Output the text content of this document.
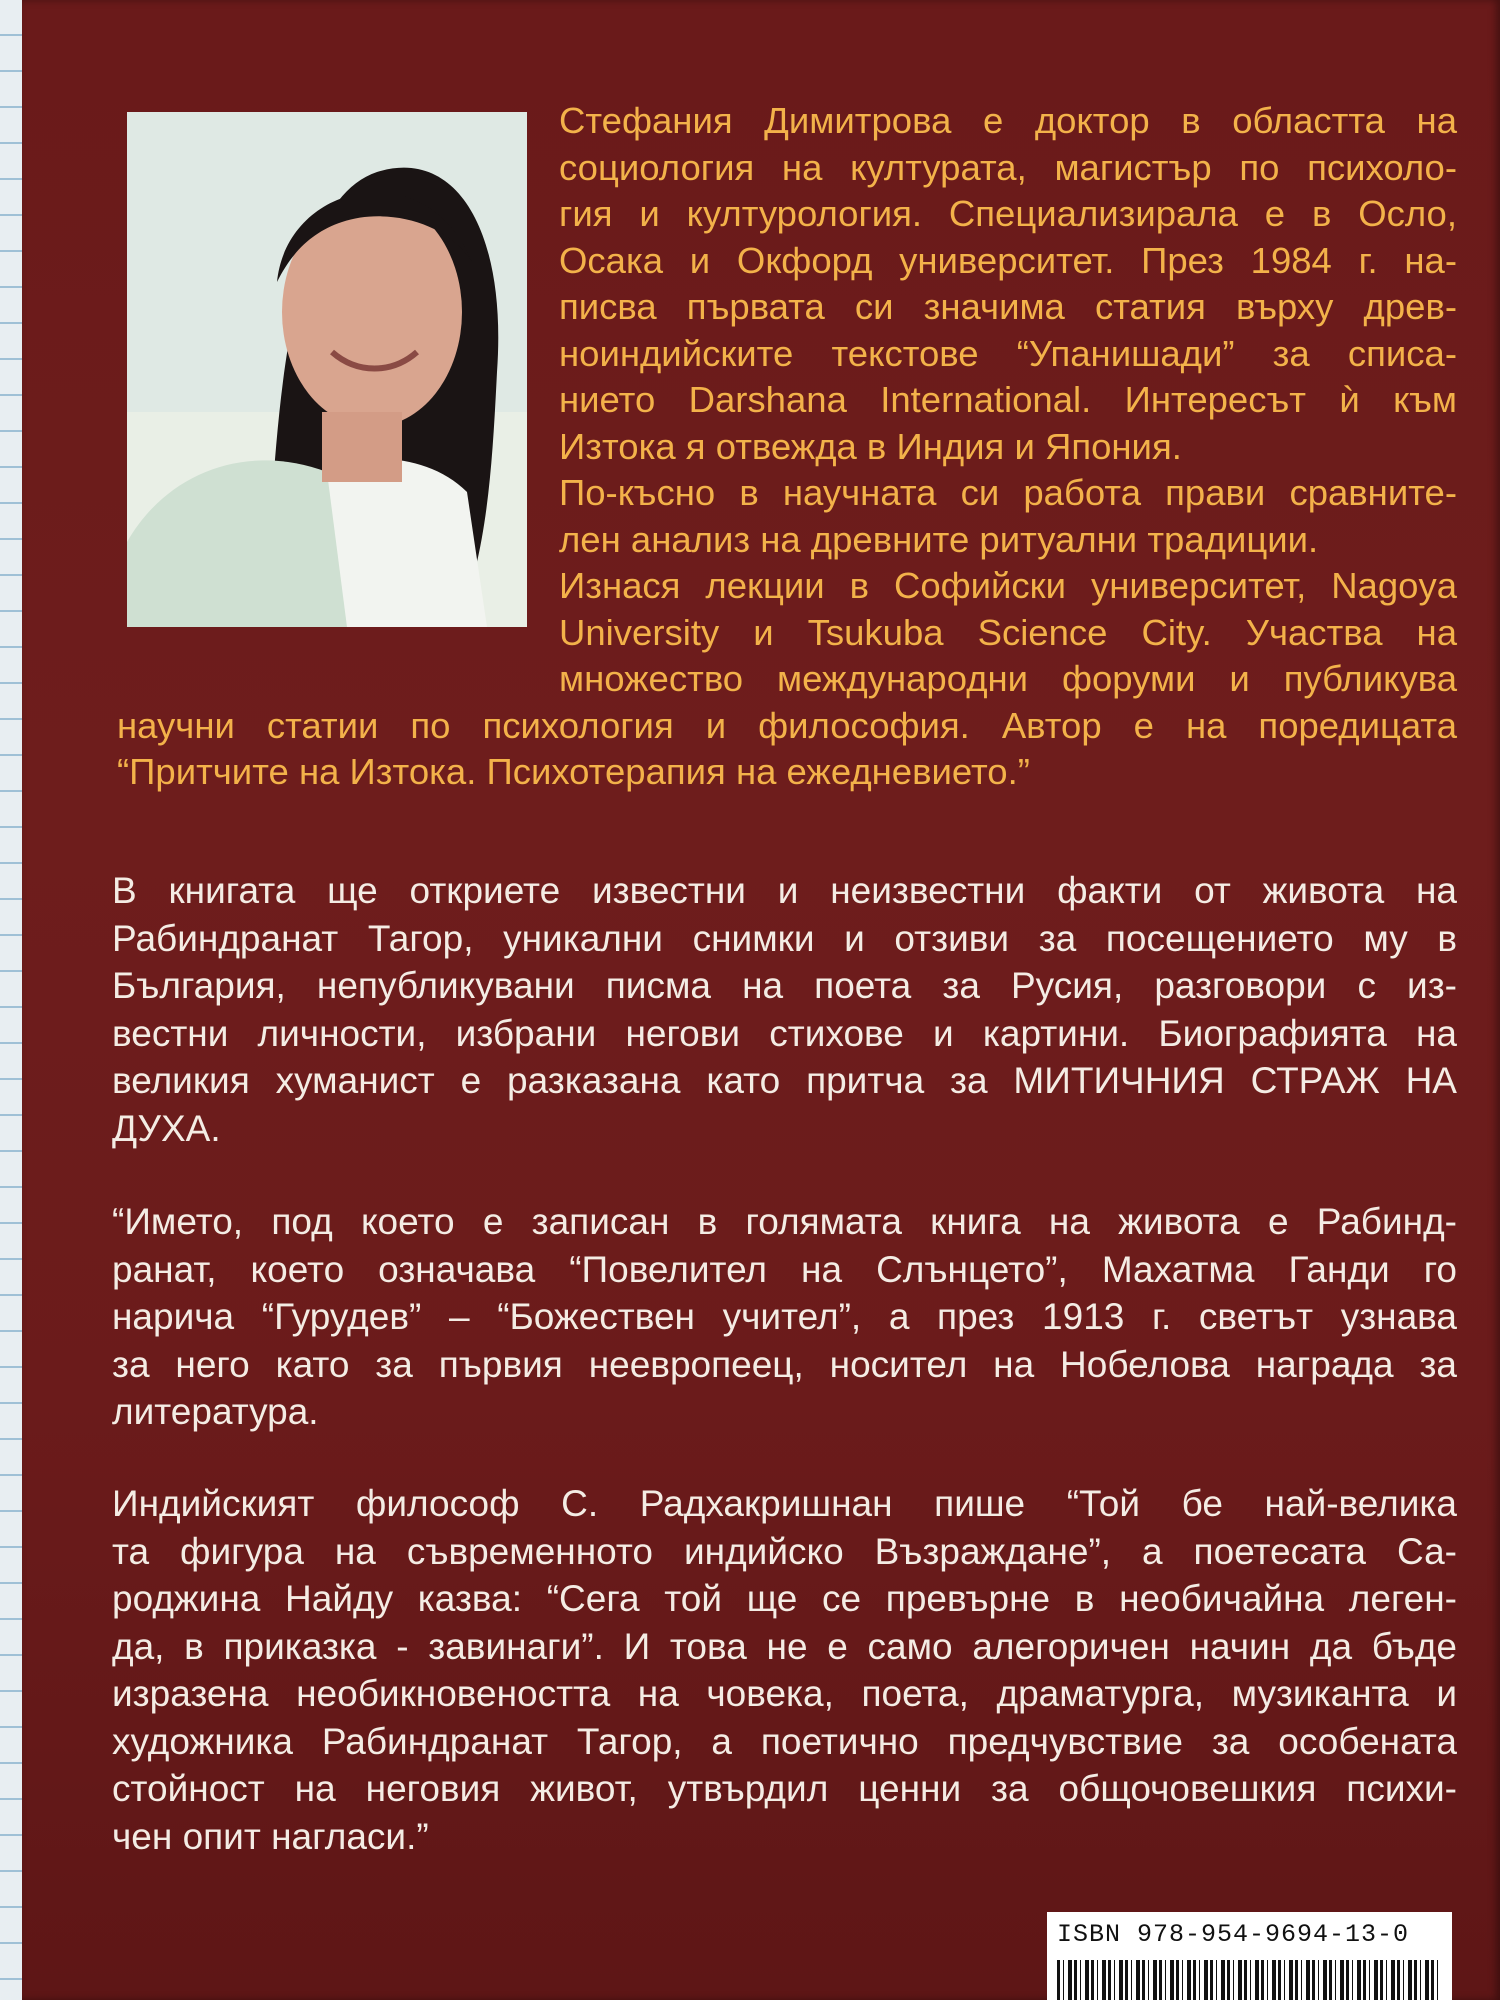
Стефания Димитрова е доктор в областта на
социология на културата, магистър по психоло-
гия и културология. Специализирала е в Осло,
Осака и Окфорд университет. През 1984 г. на-
писва първата си значима статия върху древ-
ноиндийските текстове “Упанишади” за списа-
нието Darshana International. Интересът ѝ към
Изтока я отвежда в Индия и Япония.
По-късно в научната си работа прави сравните-
лен анализ на древните ритуални традиции.
Изнася лекции в Софийски университет, Nagoya
University и Tsukuba Science City. Участва на
множество международни форуми и публикува
научни статии по психология и философия. Автор е на поредицата
“Притчите на Изтока. Психотерапия на ежедневието.”
В книгата ще откриете известни и неизвестни факти от живота на
Рабиндранат Тагор, уникални снимки и отзиви за посещението му в
България, непубликувани писма на поета за Русия, разговори с из-
вестни личности, избрани негови стихове и картини. Биографията на
великия хуманист е разказана като притча за МИТИЧНИЯ СТРАЖ НА
ДУХА.
“Името, под което е записан в голямата книга на живота е Рабинд-
ранат, което означава “Повелител на Слънцето”, Махатма Ганди го
нарича “Гурудев” – “Божествен учител”, а през 1913 г. светът узнава
за него като за първия неевропеец, носител на Нобелова награда за
литература.
Индийският философ С. Радхакришнан пише “Той бе най-велика
та фигура на съвременното индийско Възраждане”, а поетесата Са-
роджина Найду казва: “Сега той ще се превърне в необичайна леген-
да, в приказка - завинаги”. И това не е само алегоричен начин да бъде
изразена необикновеността на човека, поета, драматурга, музиканта и
художника Рабиндранат Тагор, а поетично предчувствие за особената
стойност на неговия живот, утвърдил ценни за общочовешкия психи-
чен опит нагласи.”
ISBN 978-954-9694-13-0
